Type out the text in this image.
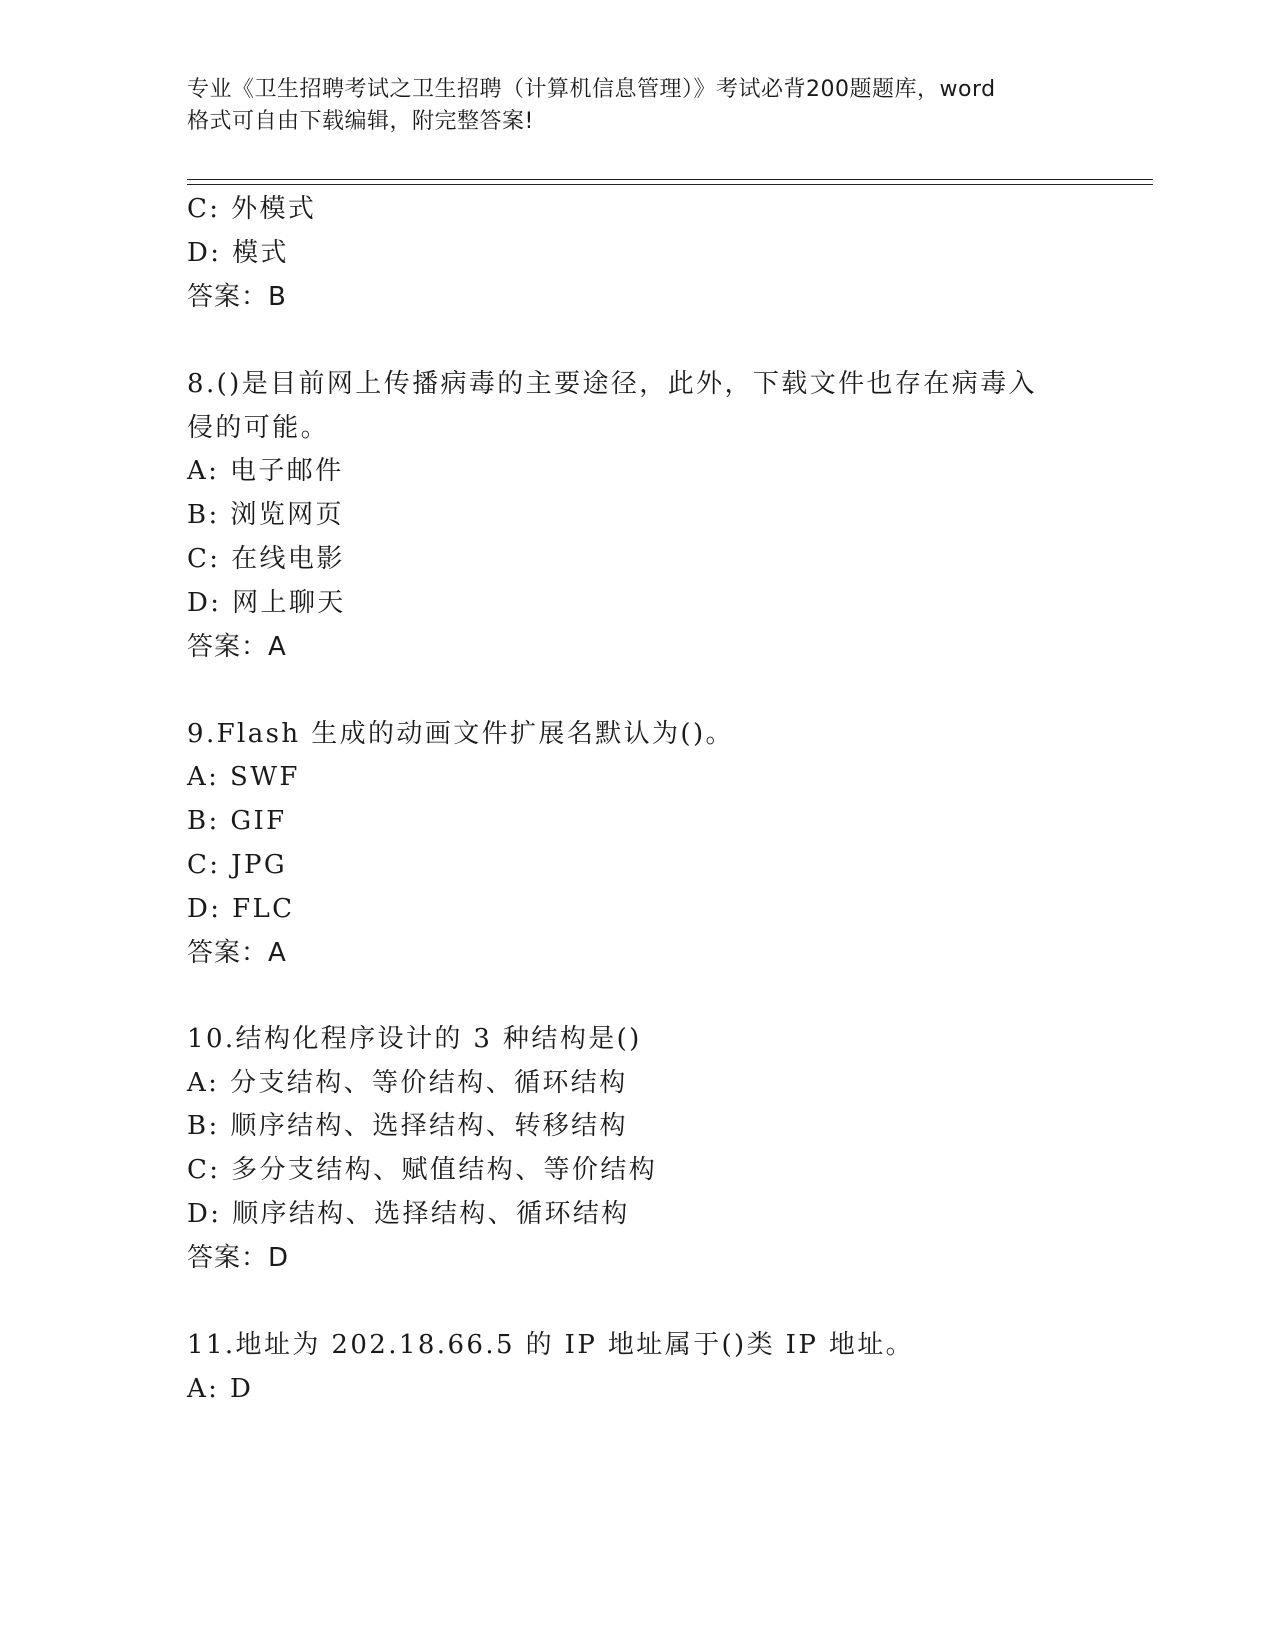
专业《卫生招聘考试之卫生招聘（计算机信息管理）》考试必背200题题库，word
格式可自由下载编辑，附完整答案!
C: 外模式
D: 模式
答案：B
8.()是目前网上传播病毒的主要途径，此外，下载文件也存在病毒入
侵的可能。
A: 电子邮件
B: 浏览网页
C: 在线电影
D: 网上聊天
答案：A
9.Flash 生成的动画文件扩展名默认为()。
A: SWF
B: GIF
C: JPG
D: FLC
答案：A
10.结构化程序设计的 3 种结构是()
A: 分支结构、等价结构、循环结构
B: 顺序结构、选择结构、转移结构
C: 多分支结构、赋值结构、等价结构
D: 顺序结构、选择结构、循环结构
答案：D
11.地址为 202.18.66.5 的 IP 地址属于()类 IP 地址。
A: D
